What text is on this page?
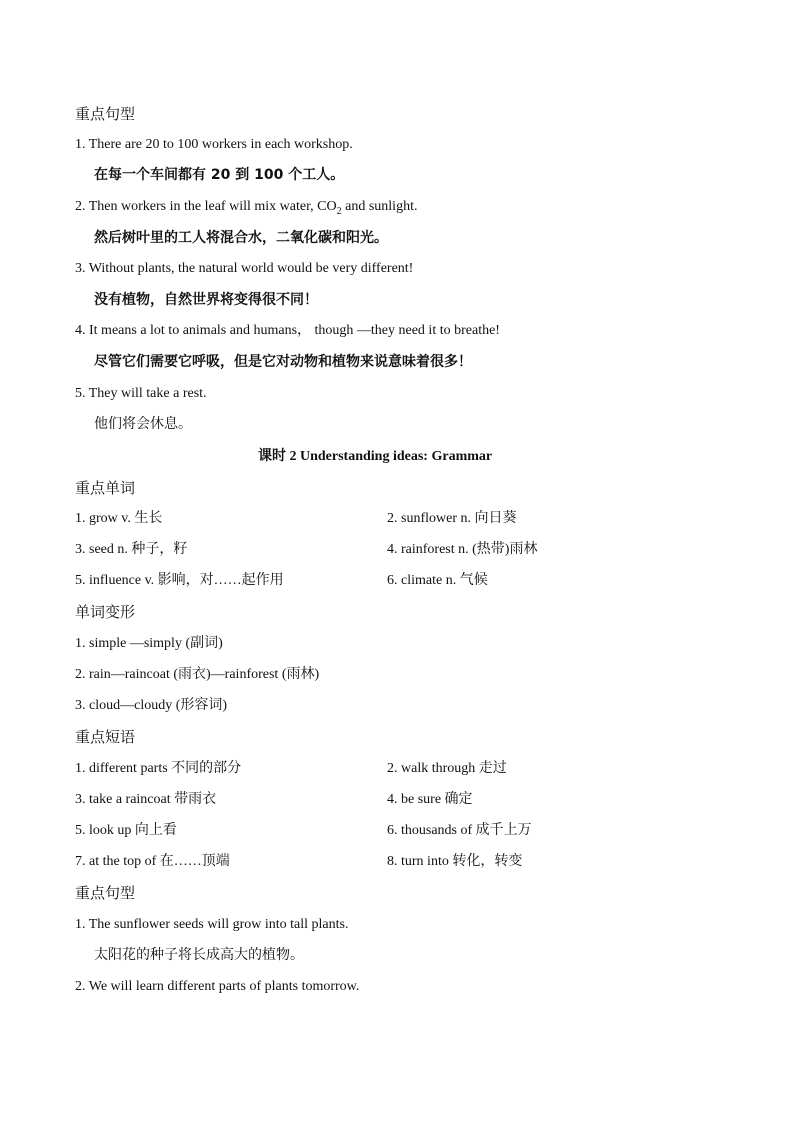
重点句型
1. There are 20 to 100 workers in each workshop.
在每一个车间都有 20 到 100 个工人。
2. Then workers in the leaf will mix water, $CO_2$ and sunlight.
然后树叶里的工人将混合水，二氧化碳和阳光。
3. Without plants, the natural world would be very different!
没有植物，自然世界将变得很不同！
4. It means a lot to animals and humans， though —they need it to breathe!
尽管它们需要它呼吸，但是它对动物和植物来说意味着很多！
5. They will take a rest.
他们将会休息。
课时 2 Understanding ideas: Grammar
重点单词
1. grow v. 生长	2. sunflower n. 向日葵
3. seed n. 种子，籽	4. rainforest n. (热带)雨林
5. influence v. 影响，对……起作用	6. climate n. 气候
单词变形
1. simple —simply (副词)
2. rain—raincoat (雨衣)—rainforest (雨林)
3. cloud—cloudy (形容词)
重点短语
1. different parts 不同的部分	2. walk through 走过
3. take a raincoat 带雨衣	4. be sure 确定
5. look up 向上看	6. thousands of 成千上万
7. at the top of 在……顶端	8. turn into 转化，转变
重点句型
1. The sunflower seeds will grow into tall plants.
太阳花的种子将长成高大的植物。
2. We will learn different parts of plants tomorrow.
